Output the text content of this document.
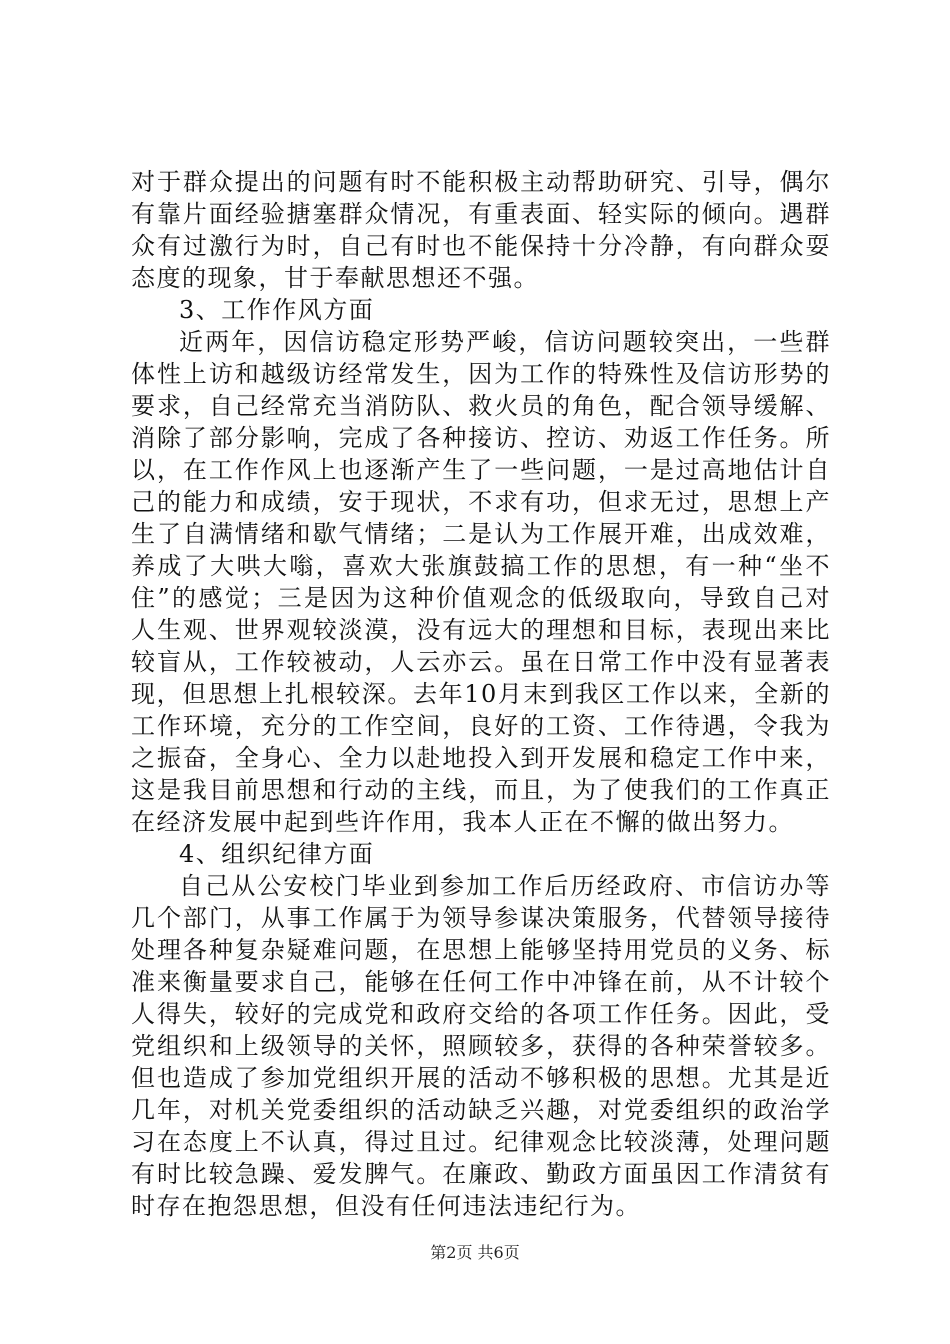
对于群众提出的问题有时不能积极主动帮助研究、引导，偶尔有靠片面经验搪塞群众情况，有重表面、轻实际的倾向。遇群众有过激行为时，自己有时也不能保持十分冷静，有向群众耍态度的现象，甘于奉献思想还不强。

3、工作作风方面

近两年，因信访稳定形势严峻，信访问题较突出，一些群体性上访和越级访经常发生，因为工作的特殊性及信访形势的要求，自己经常充当消防队、救火员的角色，配合领导缓解、消除了部分影响，完成了各种接访、控访、劝返工作任务。所以，在工作作风上也逐渐产生了一些问题，一是过高地估计自己的能力和成绩，安于现状，不求有功，但求无过，思想上产生了自满情绪和歇气情绪；二是认为工作展开难，出成效难，养成了大哄大嗡，喜欢大张旗鼓搞工作的思想，有一种“坐不住”的感觉；三是因为这种价值观念的低级取向，导致自己对人生观、世界观较淡漠，没有远大的理想和目标，表现出来比较盲从，工作较被动，人云亦云。虽在日常工作中没有显著表现，但思想上扎根较深。去年10月末到我区工作以来，全新的工作环境，充分的工作空间，良好的工资、工作待遇，令我为之振奋，全身心、全力以赴地投入到开发展和稳定工作中来，这是我目前思想和行动的主线，而且，为了使我们的工作真正在经济发展中起到些许作用，我本人正在不懈的做出努力。

4、组织纪律方面

自己从公安校门毕业到参加工作后历经政府、市信访办等几个部门，从事工作属于为领导参谋决策服务，代替领导接待处理各种复杂疑难问题，在思想上能够坚持用党员的义务、标准来衡量要求自己，能够在任何工作中冲锋在前，从不计较个人得失，较好的完成党和政府交给的各项工作任务。因此，受党组织和上级领导的关怀，照顾较多，获得的各种荣誉较多。但也造成了参加党组织开展的活动不够积极的思想。尤其是近几年，对机关党委组织的活动缺乏兴趣，对党委组织的政治学习在态度上不认真，得过且过。纪律观念比较淡薄，处理问题有时比较急躁、爱发脾气。在廉政、勤政方面虽因工作清贫有时存在抱怨思想，但没有任何违法违纪行为。

第2页 共6页
